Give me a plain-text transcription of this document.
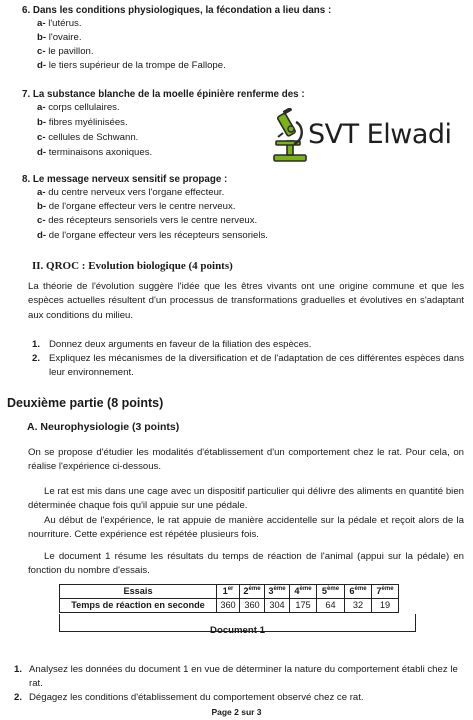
6. Dans les conditions physiologiques, la fécondation a lieu dans :
a- l'utérus.
b- l'ovaire.
c- le pavillon.
d- le tiers supérieur de la trompe de Fallope.
7. La substance blanche de la moelle épinière renferme des :
a- corps cellulaires.
b- fibres myélinisées.
c- cellules de Schwann.
d- terminaisons axoniques.
SVT Elwadi
8. Le message nerveux sensitif se propage :
a- du centre nerveux vers l'organe effecteur.
b- de l'organe effecteur vers le centre nerveux.
c- des récepteurs sensoriels vers le centre nerveux.
d- de l'organe effecteur vers les récepteurs sensoriels.
II. QROC : Evolution biologique (4 points)
La théorie de l'évolution suggère l'idée que les êtres vivants ont une origine commune et que les espèces actuelles résultent d'un processus de transformations graduelles et évolutives en s'adaptant aux conditions du milieu.
1. Donnez deux arguments en faveur de la filiation des espèces.
2. Expliquez les mécanismes de la diversification et de l'adaptation de ces différentes espèces dans leur environnement.
Deuxième partie (8 points)
A. Neurophysiologie (3 points)
On se propose d'étudier les modalités d'établissement d'un comportement chez le rat. Pour cela, on réalise l'expérience ci-dessous.
Le rat est mis dans une cage avec un dispositif particulier qui délivre des aliments en quantité bien déterminée chaque fois qu'il appuie sur une pédale.
Au début de l'expérience, le rat appuie de manière accidentelle sur la pédale et reçoit alors de la nourriture. Cette expérience est répétée plusieurs fois.
Le document 1 résume les résultats du temps de réaction de l'animal (appui sur la pédale) en fonction du nombre d'essais.
Essais	1er	2ème	3ème	4ème	5ème	6ème	7ème
Temps de réaction en seconde	360	360	304	175	64	32	19
Document 1
1. Analysez les données du document 1 en vue de déterminer la nature du comportement établi chez le rat.
2. Dégagez les conditions d'établissement du comportement observé chez ce rat.
Page 2 sur 3
